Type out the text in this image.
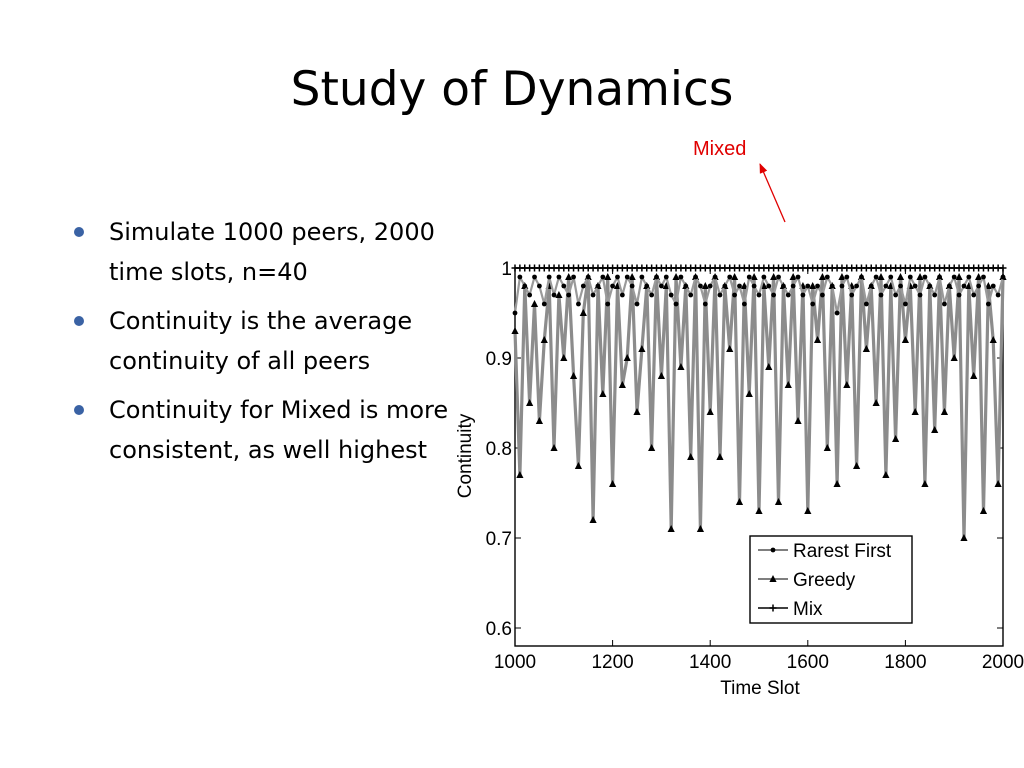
Study of Dynamics
Simulate 1000 peers, 2000 time slots, n=40
Continuity is the average continuity of all peers
Continuity for Mixed is more consistent, as well highest
Mixed
1000	1200	1400	1600	1800	2000
0.6
0.7
0.8
0.9
1
Rarest First
Greedy
Mix
Continuity
Time Slot
